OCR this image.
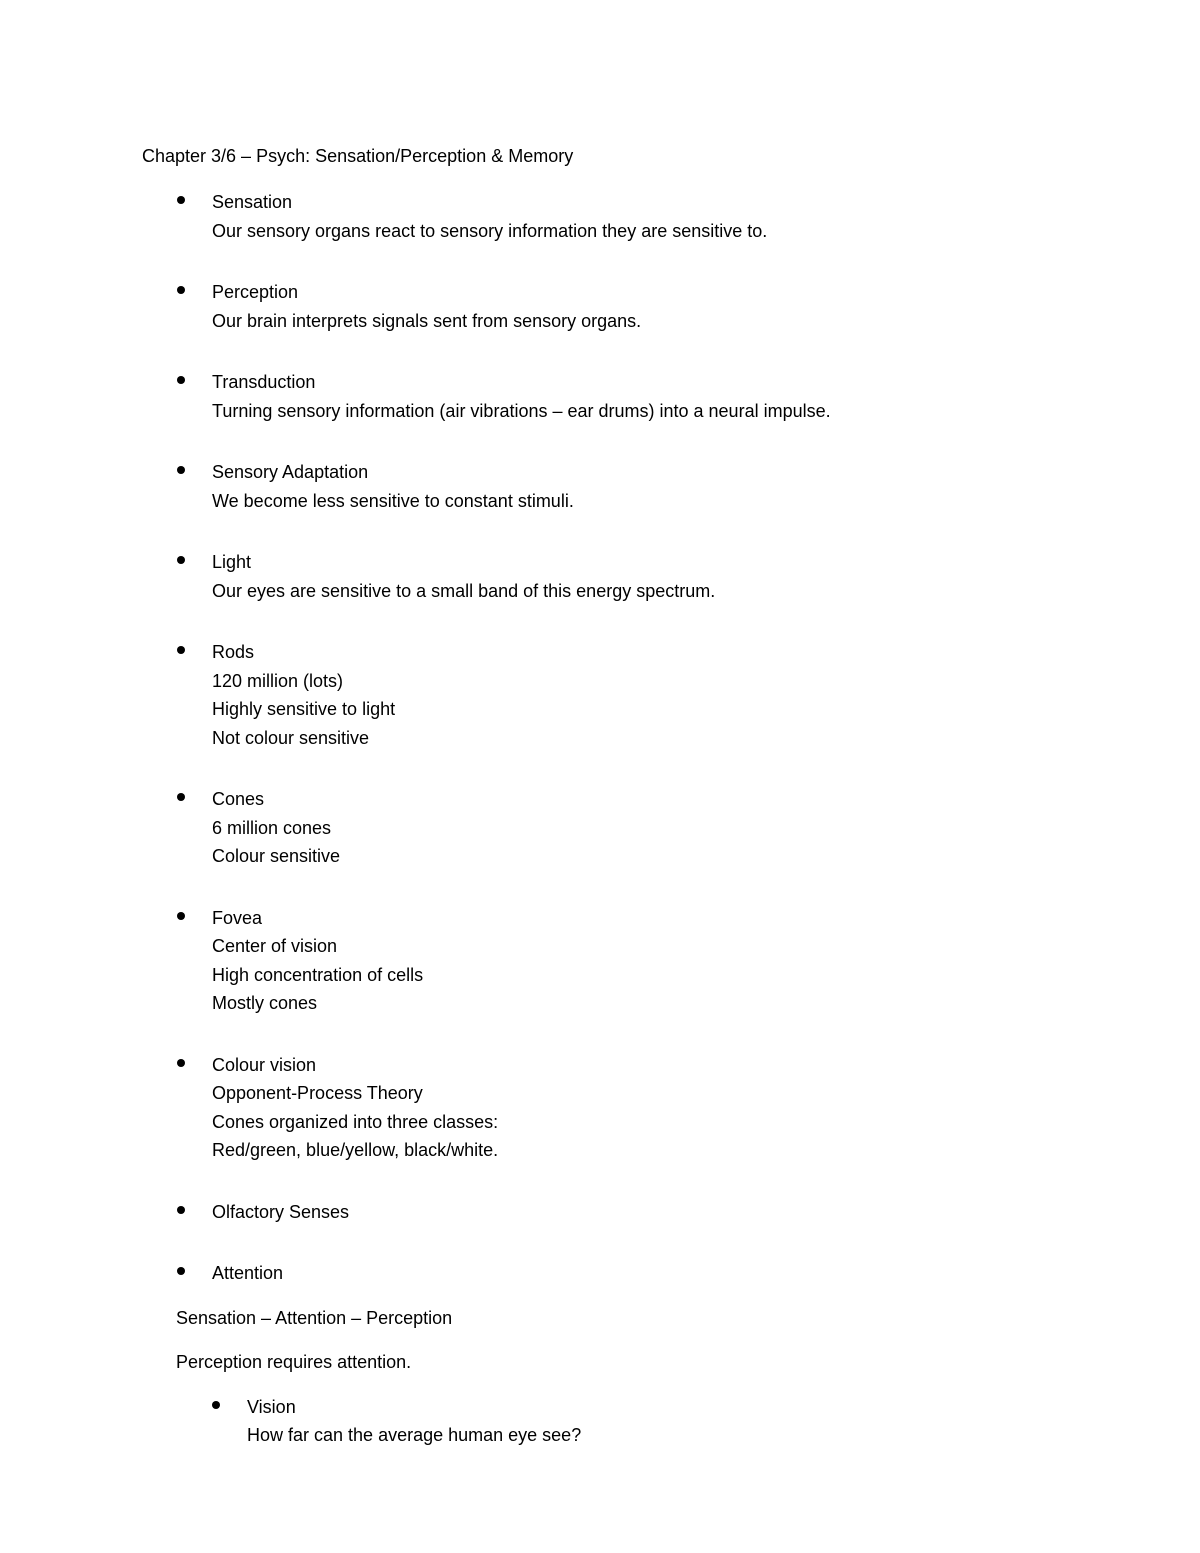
Chapter 3/6 – Psych: Sensation/Perception & Memory

Sensation

Our sensory organs react to sensory information they are sensitive to.

Perception

Our brain interprets signals sent from sensory organs.

Transduction

Turning sensory information (air vibrations – ear drums) into a neural impulse.

Sensory Adaptation

We become less sensitive to constant stimuli.

Light

Our eyes are sensitive to a small band of this energy spectrum.

Rods

120 million (lots)

Highly sensitive to light

Not colour sensitive

Cones

6 million cones

Colour sensitive

Fovea

Center of vision

High concentration of cells

Mostly cones

Colour vision

Opponent-Process Theory

Cones organized into three classes:

Red/green, blue/yellow, black/white.

Olfactory Senses

Attention

Sensation – Attention – Perception

Perception requires attention.

Vision

How far can the average human eye see?
